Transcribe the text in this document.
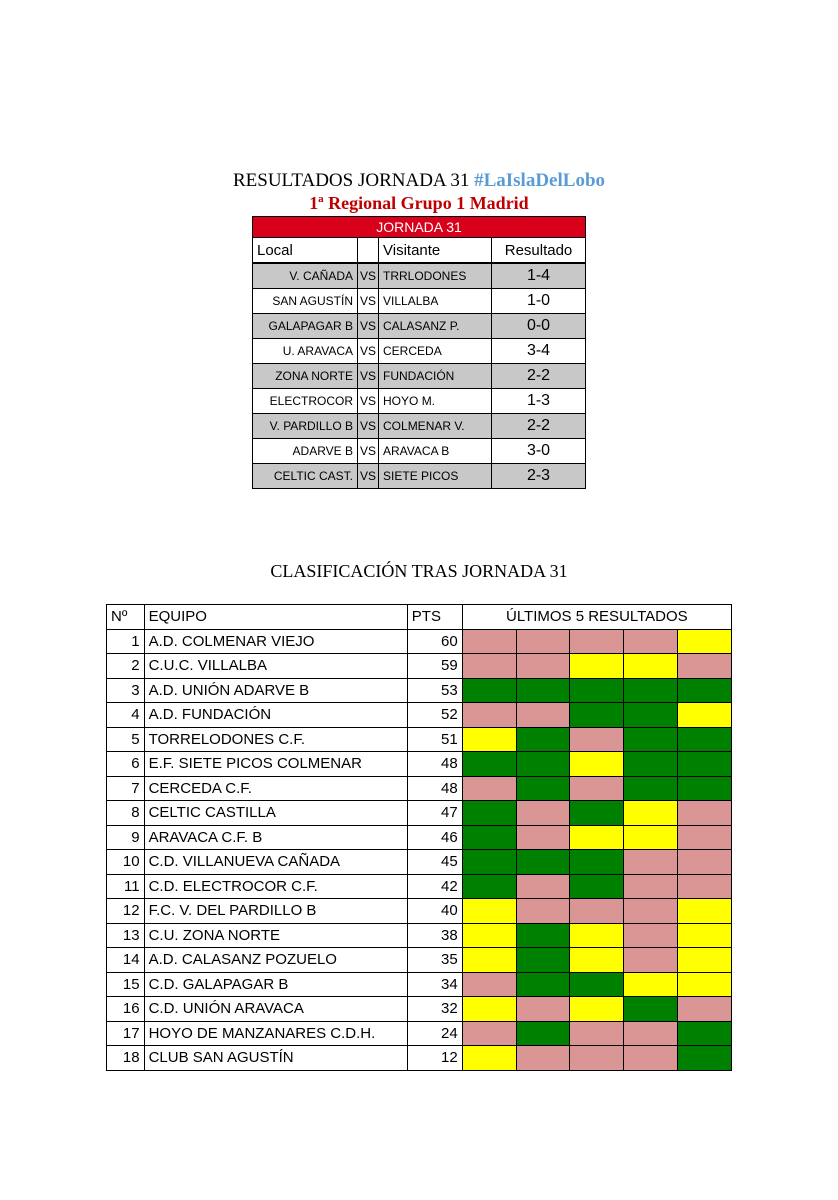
RESULTADOS JORNADA 31 #LaIslaDelLobo
1ª Regional Grupo 1 Madrid
JORNADA 31			
Local		Visitante	Resultado
V. CAÑADA	VS	TRRLODONES	1-4
SAN AGUSTÍN	VS	VILLALBA	1-0
GALAPAGAR B	VS	CALASANZ P.	0-0
U. ARAVACA	VS	CERCEDA	3-4
ZONA NORTE	VS	FUNDACIÓN	2-2
ELECTROCOR	VS	HOYO M.	1-3
V. PARDILLO B	VS	COLMENAR V.	2-2
ADARVE B	VS	ARAVACA B	3-0
CELTIC CAST.	VS	SIETE PICOS	2-3
CLASIFICACIÓN TRAS JORNADA 31
Nº	EQUIPO	PTS	ÚLTIMOS 5 RESULTADOS				
1	A.D. COLMENAR VIEJO	60					
2	C.U.C. VILLALBA	59					
3	A.D. UNIÓN ADARVE B	53					
4	A.D. FUNDACIÓN	52					
5	TORRELODONES C.F.	51					
6	E.F. SIETE PICOS COLMENAR	48					
7	CERCEDA C.F.	48					
8	CELTIC CASTILLA	47					
9	ARAVACA C.F. B	46					
10	C.D. VILLANUEVA CAÑADA	45					
11	C.D. ELECTROCOR C.F.	42					
12	F.C. V. DEL PARDILLO B	40					
13	C.U. ZONA NORTE	38					
14	A.D. CALASANZ POZUELO	35					
15	C.D. GALAPAGAR B	34					
16	C.D. UNIÓN ARAVACA	32					
17	HOYO DE MANZANARES C.D.H.	24					
18	CLUB SAN AGUSTÍN	12					
